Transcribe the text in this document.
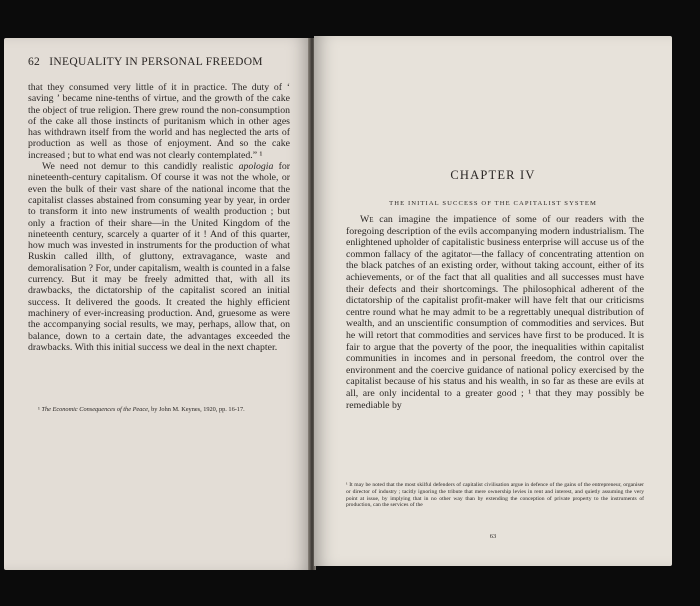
62 INEQUALITY IN PERSONAL FREEDOM

that they consumed very little of it in practice. The duty of ‘ saving ’ became nine-tenths of virtue, and the growth of the cake the object of true religion. There grew round the non-consumption of the cake all those instincts of puritanism which in other ages has withdrawn itself from the world and has neglected the arts of production as well as those of enjoyment. And so the cake increased ; but to what end was not clearly contemplated.” ¹

We need not demur to this candidly realistic apologia for nineteenth-century capitalism. Of course it was not the whole, or even the bulk of their vast share of the national income that the capitalist classes abstained from consuming year by year, in order to transform it into new instruments of wealth production ; but only a fraction of their share—in the United Kingdom of the nineteenth century, scarcely a quarter of it ! And of this quarter, how much was invested in instruments for the production of what Ruskin called illth, of gluttony, extravagance, waste and demoralisation ? For, under capitalism, wealth is counted in a false currency. But it may be freely admitted that, with all its drawbacks, the dictatorship of the capitalist scored an initial success. It delivered the goods. It created the highly efficient machinery of ever-increasing production. And, gruesome as were the accompanying social results, we may, perhaps, allow that, on balance, down to a certain date, the advantages exceeded the drawbacks. With this initial success we deal in the next chapter.

¹ The Economic Consequences of the Peace, by John M. Keynes, 1920, pp. 16-17.
CHAPTER IV
THE INITIAL SUCCESS OF THE CAPITALIST SYSTEM

We can imagine the impatience of some of our readers with the foregoing description of the evils accompanying modern industrialism. The enlightened upholder of capitalistic business enterprise will accuse us of the common fallacy of the agitator—the fallacy of concentrating attention on the black patches of an existing order, without taking account, either of its achievements, or of the fact that all qualities and all successes must have their defects and their shortcomings. The philosophical adherent of the dictatorship of the capitalist profit-maker will have felt that our criticisms centre round what he may admit to be a regrettably unequal distribution of wealth, and an unscientific consumption of commodities and services. But he will retort that commodities and services have first to be produced. It is fair to argue that the poverty of the poor, the inequalities within capitalist communities in incomes and in personal freedom, the control over the environment and the coercive guidance of national policy exercised by the capitalist because of his status and his wealth, in so far as these are evils at all, are only incidental to a greater good ; ¹ that they may possibly be remediable by

¹ It may be noted that the most skilful defenders of capitalist civilisation argue in defence of the gains of the entrepreneur, organiser or director of industry ; tacitly ignoring the tribute that mere ownership levies in rent and interest, and quietly assuming the very point at issue, by implying that in no other way than by extending the conception of private property to the instruments of production, can the services of the
63
